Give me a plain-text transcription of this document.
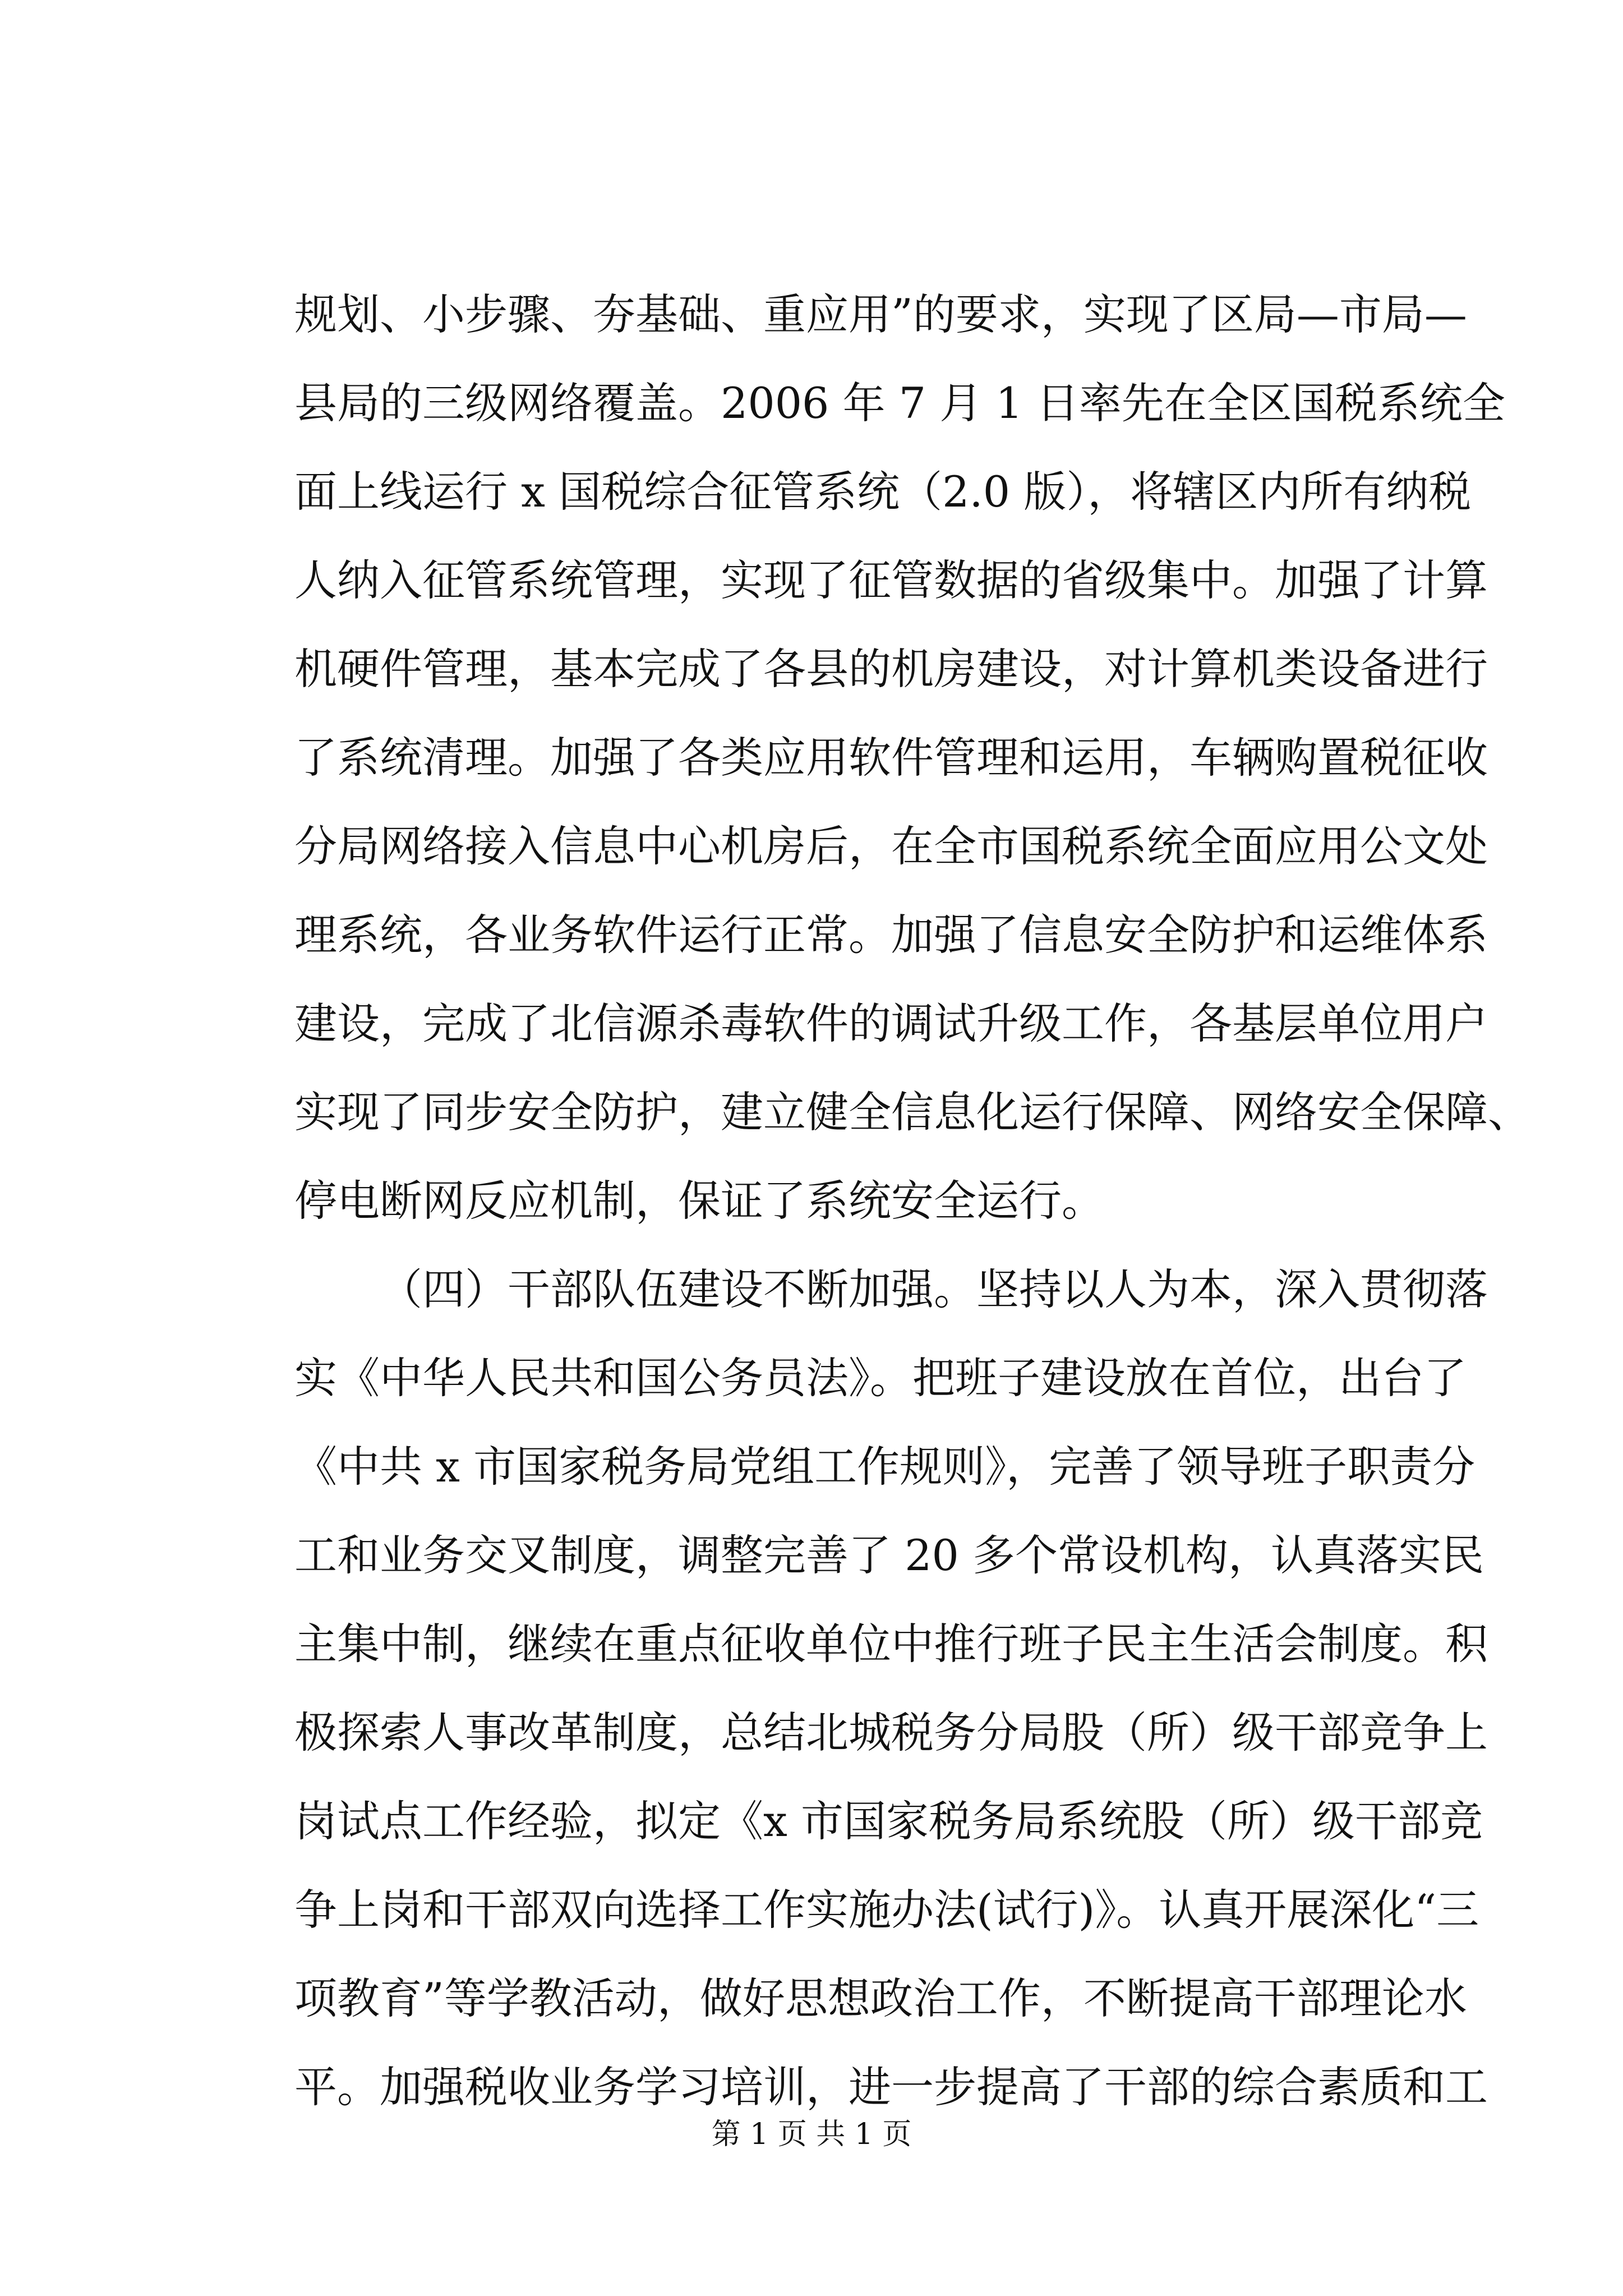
规划、小步骤、夯基础、重应用”的要求，实现了区局—市局—
县局的三级网络覆盖。2006 年 7 月 1 日率先在全区国税系统全
面上线运行 x 国税综合征管系统（2.0 版），将辖区内所有纳税
人纳入征管系统管理，实现了征管数据的省级集中。加强了计算
机硬件管理，基本完成了各县的机房建设，对计算机类设备进行
了系统清理。加强了各类应用软件管理和运用，车辆购置税征收
分局网络接入信息中心机房后，在全市国税系统全面应用公文处
理系统，各业务软件运行正常。加强了信息安全防护和运维体系
建设，完成了北信源杀毒软件的调试升级工作，各基层单位用户
实现了同步安全防护，建立健全信息化运行保障、网络安全保障、
停电断网反应机制，保证了系统安全运行。
（四）干部队伍建设不断加强。坚持以人为本，深入贯彻落
实《中华人民共和国公务员法》。把班子建设放在首位，出台了
《中共 x 市国家税务局党组工作规则》，完善了领导班子职责分
工和业务交叉制度，调整完善了 20 多个常设机构，认真落实民
主集中制，继续在重点征收单位中推行班子民主生活会制度。积
极探索人事改革制度，总结北城税务分局股（所）级干部竞争上
岗试点工作经验，拟定《x 市国家税务局系统股（所）级干部竞
争上岗和干部双向选择工作实施办法(试行)》。认真开展深化“三
项教育”等学教活动，做好思想政治工作，不断提高干部理论水
平。加强税收业务学习培训，进一步提高了干部的综合素质和工
第 1 页 共 1 页
